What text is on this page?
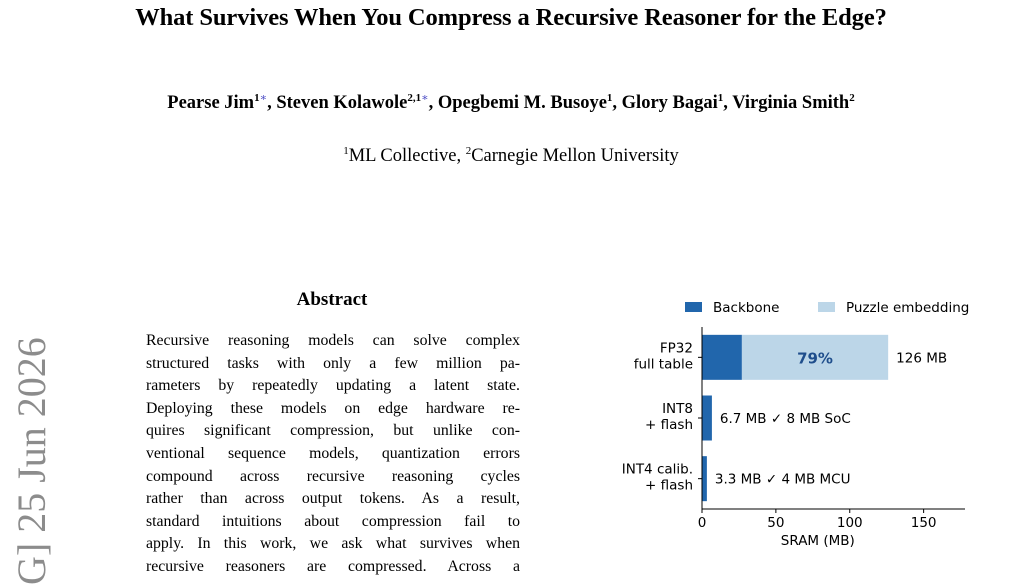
What Survives When You Compress a Recursive Reasoner for the Edge?
Pearse Jim$^{1∗}$, Steven Kolawole$^{2,1∗}$, Opegbemi M. Busoye$^1$, Glory Bagai$^1$, Virginia Smith$^2$
$^1$ML Collective, $^2$Carnegie Mellon University
G] 25 Jun 2026
Abstract
Recursive reasoning models can solve complex
structured tasks with only a few million pa-
rameters by repeatedly updating a latent state.
Deploying these models on edge hardware re-
quires significant compression, but unlike con-
ventional sequence models, quantization errors
compound across recursive reasoning cycles
rather than across output tokens. As a result,
standard intuitions about compression fail to
apply. In this work, we ask what survives when
recursive reasoners are compressed. Across a
Backbone	Puzzle embedding
FP32
full table	126 MB
79%
INT8
+ flash 6.7 MB ✓ 8 MB SoC
INT4 calib.
+ flash 3.3 MB ✓ 4 MB MCU
0	50	100	150
SRAM (MB)
